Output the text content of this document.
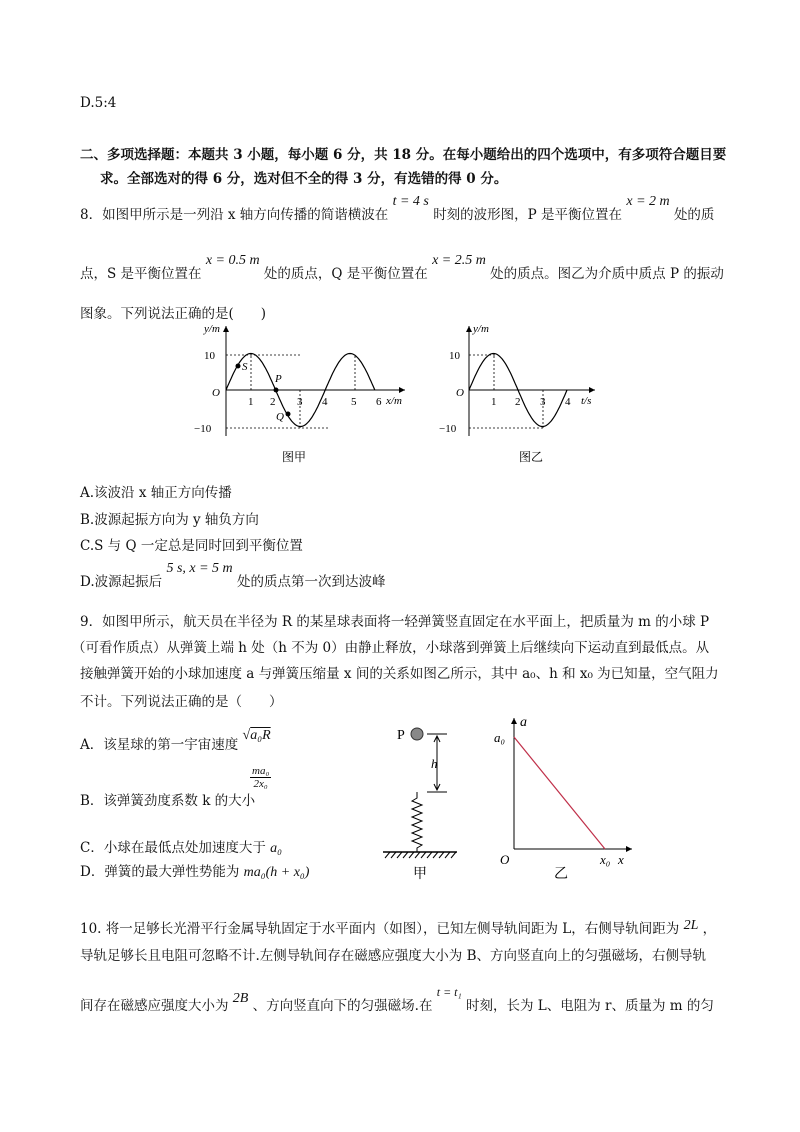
D.5:4
二、多项选择题：本题共 3 小题，每小题 6 分，共 18 分。在每小题给出的四个选项中，有多项符合题目要
求。全部选对的得 6 分，选对但不全的得 3 分，有选错的得 0 分。
8．如图甲所示是一列沿 x 轴方向传播的简谐横波在 t = 4 s 时刻的波形图，P 是平衡位置在 x = 2 m 处的质
点，S 是平衡位置在 x = 0.5 m 处的质点，Q 是平衡位置在 x = 2.5 m 处的质点。图乙为介质中质点 P 的振动
图象。下列说法正确的是(　　)
y/m
10
−10
O
1 2 3 4 5 6 x/m
S
P
Q
图甲
y/m
10
−10
O
1 2 3 4 t/s
图乙
A.该波沿 x 轴正方向传播
B.波源起振方向为 y 轴负方向
C.S 与 Q 一定总是同时回到平衡位置
D.波源起振后 5 s, x = 5 m 处的质点第一次到达波峰
9．如图甲所示，航天员在半径为 R 的某星球表面将一轻弹簧竖直固定在水平面上，把质量为 m 的小球 P
（可看作质点）从弹簧上端 h 处（h 不为 0）由静止释放，小球落到弹簧上后继续向下运动直到最低点。从
接触弹簧开始的小球加速度 a 与弹簧压缩量 x 间的关系如图乙所示，其中 a₀、h 和 x₀ 为已知量，空气阻力
不计。下列说法正确的是（　　）
A．该星球的第一宇宙速度 √a₀R
B．该弹簧劲度系数 k 的大小
ma₀
2x₀
C．小球在最低点处加速度大于 a₀
D．弹簧的最大弹性势能为 ma₀(h + x₀)
P
h
甲
a
a₀
O	x₀ x
乙
10. 将一足够长光滑平行金属导轨固定于水平面内（如图），已知左侧导轨间距为 L，右侧导轨间距为 2L ，
导轨足够长且电阻可忽略不计.左侧导轨间存在磁感应强度大小为 B、方向竖直向上的匀强磁场，右侧导轨
间存在磁感应强度大小为 2B 、方向竖直向下的匀强磁场.在 t = t₁ 时刻，长为 L、电阻为 r、质量为 m 的匀
